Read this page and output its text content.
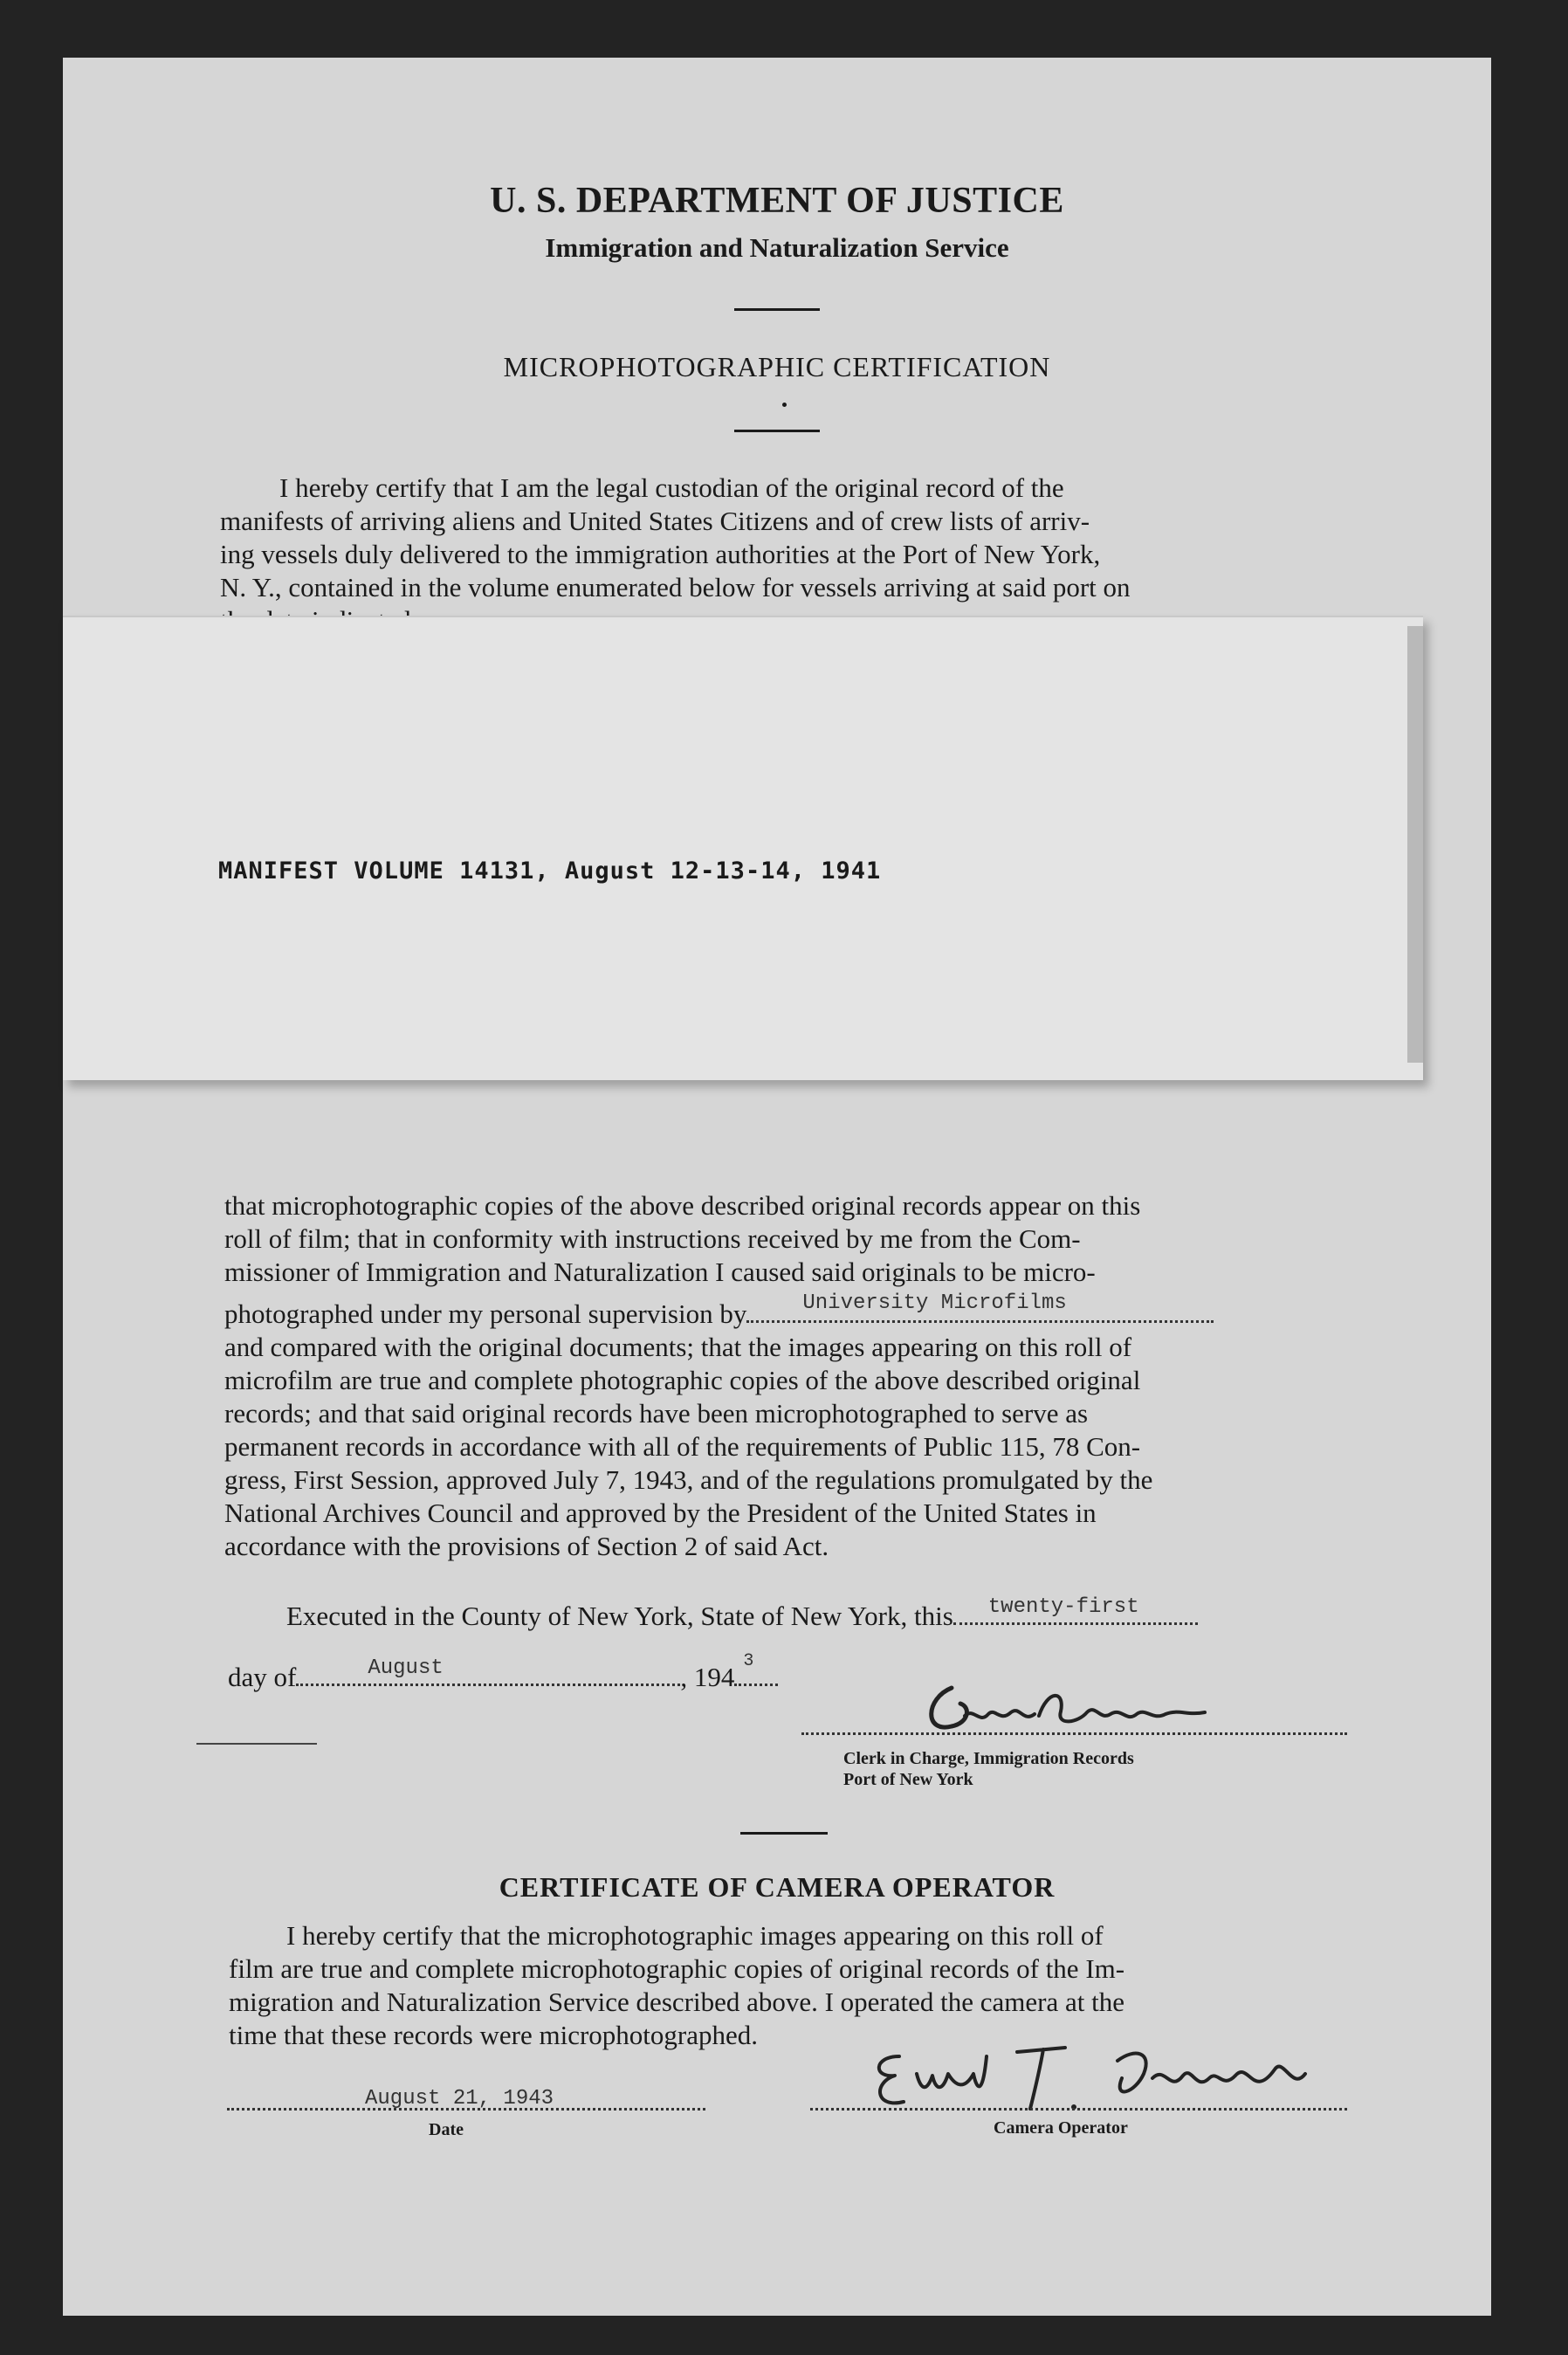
U. S. DEPARTMENT OF JUSTICE
Immigration and Naturalization Service
MICROPHOTOGRAPHIC CERTIFICATION
I hereby certify that I am the legal custodian of the original record of the
manifests of arriving aliens and United States Citizens and of crew lists of arriv-
ing vessels duly delivered to the immigration authorities at the Port of New York,
N. Y., contained in the volume enumerated below for vessels arriving at said port on
MANIFEST VOLUME 14131, August 12-13-14, 1941
that microphotographic copies of the above described original records appear on this
roll of film; that in conformity with instructions received by me from the Com-
missioner of Immigration and Naturalization I caused said originals to be micro-
photographed under my personal supervision by	University Microfilms
and compared with the original documents; that the images appearing on this roll of
microfilm are true and complete photographic copies of the above described original
records; and that said original records have been microphotographed to serve as
permanent records in accordance with all of the requirements of Public 115, 78 Con-
gress, First Session, approved July 7, 1943, and of the regulations promulgated by the
National Archives Council and approved by the President of the United States in
accordance with the provisions of Section 2 of said Act.
Executed in the County of New York, State of New York, this twenty-first
day of	August	, 194
3
Clerk in Charge, Immigration Records
Port of New York
CERTIFICATE OF CAMERA OPERATOR
I hereby certify that the microphotographic images appearing on this roll of
film are true and complete microphotographic copies of original records of the Im-
migration and Naturalization Service described above. I operated the camera at the
time that these records were microphotographed.
August 21, 1943
Date	Camera Operator
